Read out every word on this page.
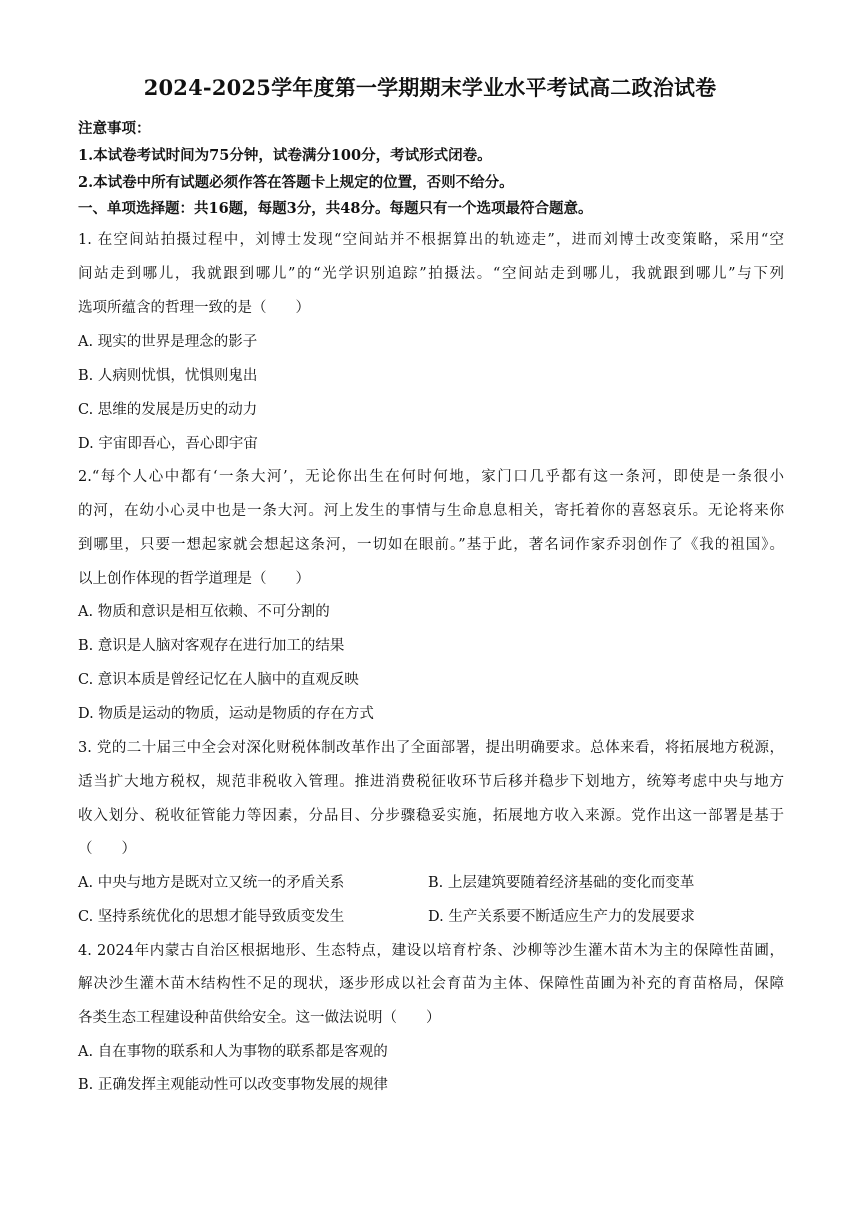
2024-2025学年度第一学期期末学业水平考试高二政治试卷
注意事项：
1.本试卷考试时间为75分钟，试卷满分100分，考试形式闭卷。
2.本试卷中所有试题必须作答在答题卡上规定的位置，否则不给分。
一、单项选择题：共16题，每题3分，共48分。每题只有一个选项最符合题意。
1. 在空间站拍摄过程中，刘博士发现“空间站并不根据算出的轨迹走”，进而刘博士改变策略，采用“空
间站走到哪儿，我就跟到哪儿”的“光学识别追踪”拍摄法。“空间站走到哪儿，我就跟到哪儿”与下列
选项所蕴含的哲理一致的是（　　）
A. 现实的世界是理念的影子
B. 人病则忧惧，忧惧则鬼出
C. 思维的发展是历史的动力
D. 宇宙即吾心，吾心即宇宙
2.“每个人心中都有‘一条大河’，无论你出生在何时何地，家门口几乎都有这一条河，即使是一条很小
的河，在幼小心灵中也是一条大河。河上发生的事情与生命息息相关，寄托着你的喜怒哀乐。无论将来你
到哪里，只要一想起家就会想起这条河，一切如在眼前。”基于此，著名词作家乔羽创作了《我的祖国》。
以上创作体现的哲学道理是（　　）
A. 物质和意识是相互依赖、不可分割的
B. 意识是人脑对客观存在进行加工的结果
C. 意识本质是曾经记忆在人脑中的直观反映
D. 物质是运动的物质，运动是物质的存在方式
3. 党的二十届三中全会对深化财税体制改革作出了全面部署，提出明确要求。总体来看，将拓展地方税源，
适当扩大地方税权，规范非税收入管理。推进消费税征收环节后移并稳步下划地方，统筹考虑中央与地方
收入划分、税收征管能力等因素，分品目、分步骤稳妥实施，拓展地方收入来源。党作出这一部署是基于
（　　）
A. 中央与地方是既对立又统一的矛盾关系	B. 上层建筑要随着经济基础的变化而变革
C. 坚持系统优化的思想才能导致质变发生	D. 生产关系要不断适应生产力的发展要求
4. 2024年内蒙古自治区根据地形、生态特点，建设以培育柠条、沙柳等沙生灌木苗木为主的保障性苗圃，
解决沙生灌木苗木结构性不足的现状，逐步形成以社会育苗为主体、保障性苗圃为补充的育苗格局，保障
各类生态工程建设种苗供给安全。这一做法说明（　　）
A. 自在事物的联系和人为事物的联系都是客观的
B. 正确发挥主观能动性可以改变事物发展的规律
